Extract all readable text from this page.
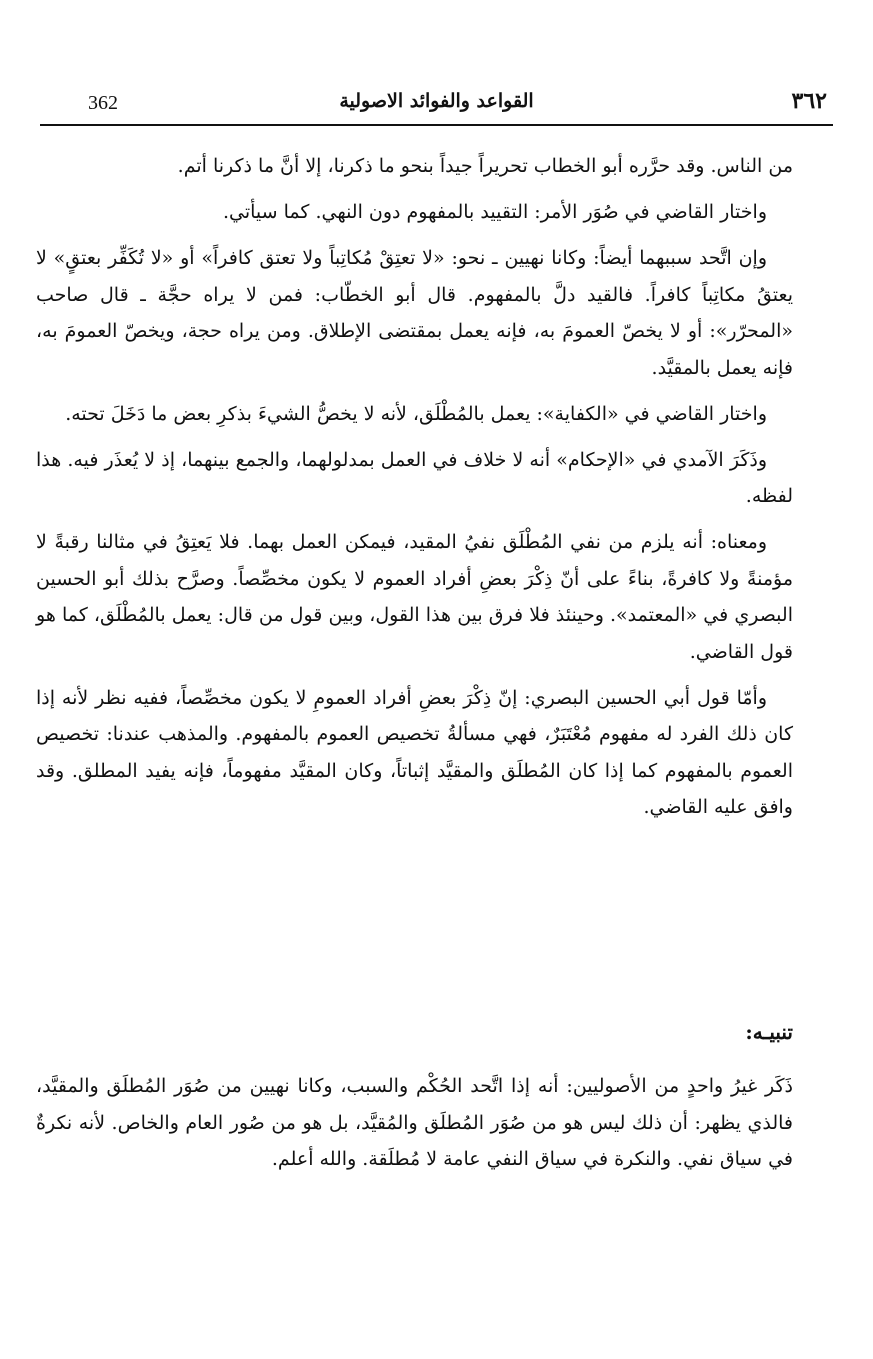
362	القواعد والفوائد الاصولية	٣٦٢

من الناس. وقد حرَّره أبو الخطاب تحريراً جيداً بنحو ما ذكرنا، إلا أنَّ ما ذكرنا أتم.

واختار القاضي في صُوَر الأمر: التقييد بالمفهوم دون النهي. كما سيأتي.

وإن اتَّحد سببهما أيضاً: وكانا نهيين ـ نحو: «لا تعتِقْ مُكاتِباً ولا تعتق كافراً» أو «لا تُكَفِّر بعتقٍ» لا يعتقُ مكاتِباً كافراً. فالقيد دلَّ بالمفهوم. قال أبو الخطّاب: فمن لا يراه حجَّة ـ قال صاحب «المحرّر»: أو لا يخصّ العمومَ به، فإنه يعمل بمقتضى الإطلاق. ومن يراه حجة، ويخصّ العمومَ به، فإنه يعمل بالمقيَّد.

واختار القاضي في «الكفاية»: يعمل بالمُطْلَق، لأنه لا يخصُّ الشيءَ بذكرِ بعض ما دَخَلَ تحته.

وذَكَرَ الآمدي في «الإحكام» أنه لا خلاف في العمل بمدلولهما، والجمع بينهما، إذ لا يُعذَر فيه. هذا لفظه.

ومعناه: أنه يلزم من نفي المُطْلَق نفيُ المقيد، فيمكن العمل بهما. فلا يَعتِقُ في مثالنا رقبةً لا مؤمنةً ولا كافرةً، بناءً على أنّ ذِكْرَ بعضِ أفراد العموم لا يكون مخصِّصاً. وصرَّح بذلك أبو الحسين البصري في «المعتمد». وحينئذ فلا فرق بين هذا القول، وبين قول من قال: يعمل بالمُطْلَق، كما هو قول القاضي.

وأمّا قول أبي الحسين البصري: إنّ ذِكْرَ بعضِ أفراد العمومِ لا يكون مخصِّصاً، ففيه نظر لأنه إذا كان ذلك الفرد له مفهوم مُعْتَبَرٌ، فهي مسألةُ تخصيص العموم بالمفهوم. والمذهب عندنا: تخصيص العموم بالمفهوم كما إذا كان المُطلَق والمقيَّد إثباتاً، وكان المقيَّد مفهوماً، فإنه يفيد المطلق. وقد وافق عليه القاضي.

تنبيـه:

ذَكَر غيرُ واحدٍ من الأصوليين: أنه إذا اتَّحد الحُكْم والسبب، وكانا نهيين من صُوَر المُطلَق والمقيَّد، فالذي يظهر: أن ذلك ليس هو من صُوَر المُطلَق والمُقيَّد، بل هو من صُور العام والخاص. لأنه نكرةٌ في سياق نفي. والنكرة في سياق النفي عامة لا مُطلَقة. والله أعلم.
